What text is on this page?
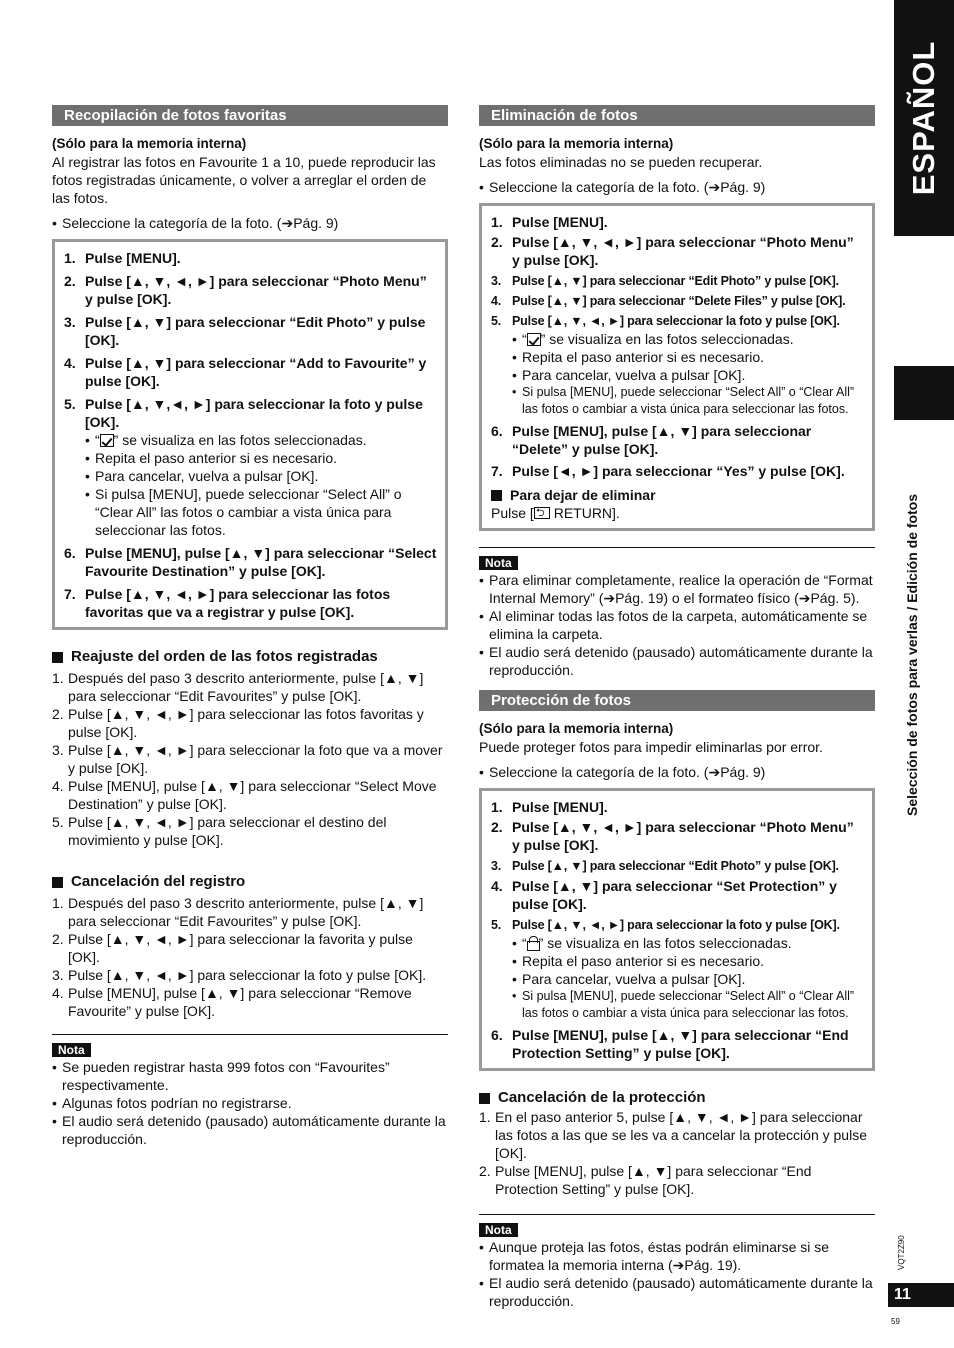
ESPAÑOL
Selección de fotos para verlas / Edición de fotos
VQT2Z90
11
59
Recopilación de fotos favoritas

(Sólo para la memoria interna)

Al registrar las fotos en Favourite 1 a 10, puede reproducir las fotos registradas únicamente, o volver a arreglar el orden de las fotos.

• Seleccione la categoría de la foto. (➔Pág. 9)

1. Pulse [MENU].
2. Pulse [▲, ▼, ◄, ►] para seleccionar “Photo Menu” y pulse [OK].
3. Pulse [▲, ▼] para seleccionar “Edit Photo” y pulse [OK].
4. Pulse [▲, ▼] para seleccionar “Add to Favourite” y pulse [OK].
5. Pulse [▲, ▼,◄, ►] para seleccionar la foto y pulse [OK].

• “ ” se visualiza en las fotos seleccionadas.

• Repita el paso anterior si es necesario.

• Para cancelar, vuelva a pulsar [OK].

• Si pulsa [MENU], puede seleccionar “Select All” o “Clear All” las fotos o cambiar a vista única para seleccionar las fotos.

6. Pulse [MENU], pulse [▲, ▼] para seleccionar “Select Favourite Destination” y pulse [OK].
7. Pulse [▲, ▼, ◄, ►] para seleccionar las fotos favoritas que va a registrar y pulse [OK].
Reajuste del orden de las fotos registradas
1. Después del paso 3 descrito anteriormente, pulse [▲, ▼] para seleccionar “Edit Favourites” y pulse [OK].
2. Pulse [▲, ▼, ◄, ►] para seleccionar las fotos favoritas y pulse [OK].
3. Pulse [▲, ▼, ◄, ►] para seleccionar la foto que va a mover y pulse [OK].
4. Pulse [MENU], pulse [▲, ▼] para seleccionar “Select Move Destination” y pulse [OK].
5. Pulse [▲, ▼, ◄, ►] para seleccionar el destino del movimiento y pulse [OK].
Cancelación del registro
1. Después del paso 3 descrito anteriormente, pulse [▲, ▼] para seleccionar “Edit Favourites” y pulse [OK].
2. Pulse [▲, ▼, ◄, ►] para seleccionar la favorita y pulse [OK].
3. Pulse [▲, ▼, ◄, ►] para seleccionar la foto y pulse [OK].
4. Pulse [MENU], pulse [▲, ▼] para seleccionar “Remove Favourite” y pulse [OK].
Nota

• Se pueden registrar hasta 999 fotos con “Favourites” respectivamente.

• Algunas fotos podrían no registrarse.

• El audio será detenido (pausado) automáticamente durante la reproducción.

Eliminación de fotos

(Sólo para la memoria interna)

Las fotos eliminadas no se pueden recuperar.

• Seleccione la categoría de la foto. (➔Pág. 9)

1. Pulse [MENU].
2. Pulse [▲, ▼, ◄, ►] para seleccionar “Photo Menu” y pulse [OK].
3. Pulse [▲, ▼] para seleccionar “Edit Photo” y pulse [OK].
4. Pulse [▲, ▼] para seleccionar “Delete Files” y pulse [OK].
5. Pulse [▲, ▼, ◄, ►] para seleccionar la foto y pulse [OK].

• “ ” se visualiza en las fotos seleccionadas.

• Repita el paso anterior si es necesario.

• Para cancelar, vuelva a pulsar [OK].

• Si pulsa [MENU], puede seleccionar “Select All” o “Clear All” las fotos o cambiar a vista única para seleccionar las fotos.

6. Pulse [MENU], pulse [▲, ▼] para seleccionar “Delete” y pulse [OK].
7. Pulse [◄, ►] para seleccionar “Yes” y pulse [OK].
Para dejar de eliminar

Pulse [⮌ RETURN].

Nota

• Para eliminar completamente, realice la operación de “Format Internal Memory” (➔Pág. 19) o el formateo físico (➔Pág. 5).

• Al eliminar todas las fotos de la carpeta, automáticamente se elimina la carpeta.

• El audio será detenido (pausado) automáticamente durante la reproducción.

Protección de fotos

(Sólo para la memoria interna)

Puede proteger fotos para impedir eliminarlas por error.

• Seleccione la categoría de la foto. (➔Pág. 9)

1. Pulse [MENU].
2. Pulse [▲, ▼, ◄, ►] para seleccionar “Photo Menu” y pulse [OK].
3. Pulse [▲, ▼] para seleccionar “Edit Photo” y pulse [OK].
4. Pulse [▲, ▼] para seleccionar “Set Protection” y pulse [OK].
5. Pulse [▲, ▼, ◄, ►] para seleccionar la foto y pulse [OK].

• “ ” se visualiza en las fotos seleccionadas.

• Repita el paso anterior si es necesario.

• Para cancelar, vuelva a pulsar [OK].

• Si pulsa [MENU], puede seleccionar “Select All” o “Clear All” las fotos o cambiar a vista única para seleccionar las fotos.

6. Pulse [MENU], pulse [▲, ▼] para seleccionar “End Protection Setting” y pulse [OK].
Cancelación de la protección
1. En el paso anterior 5, pulse [▲, ▼, ◄, ►] para seleccionar las fotos a las que se les va a cancelar la protección y pulse [OK].
2. Pulse [MENU], pulse [▲, ▼] para seleccionar “End Protection Setting” y pulse [OK].
Nota

• Aunque proteja las fotos, éstas podrán eliminarse si se formatea la memoria interna (➔Pág. 19).

• El audio será detenido (pausado) automáticamente durante la reproducción.
